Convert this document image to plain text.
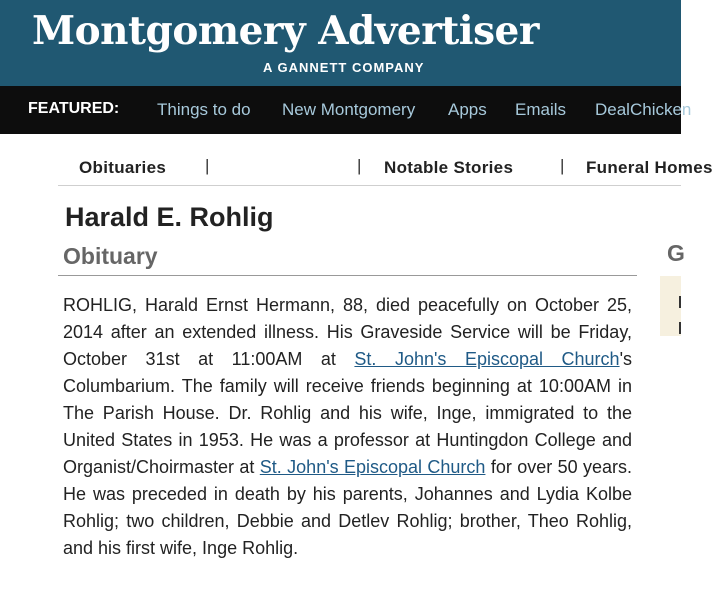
Montgomery Advertiser
A GANNETT COMPANY
FEATURED: Things to do New Montgomery Apps Emails DealChicken
Obituaries |	| Notable Stories	| Funeral Homes
Harald E. Rohlig
Obituary
ROHLIG, Harald Ernst Hermann, 88, died peacefully on October 25, 2014 after an extended illness. His Graveside Service will be Friday, October 31st at 11:00AM at St. John's Episcopal Church's Columbarium. The family will receive friends beginning at 10:00AM in The Parish House. Dr. Rohlig and his wife, Inge, immigrated to the United States in 1953. He was a professor at Huntingdon College and Organist/Choirmaster at St. John's Episcopal Church for over 50 years. He was preceded in death by his parents, Johannes and Lydia Kolbe Rohlig; two children, Debbie and Detlev Rohlig; brother, Theo Rohlig, and his first wife, Inge Rohlig.
G
